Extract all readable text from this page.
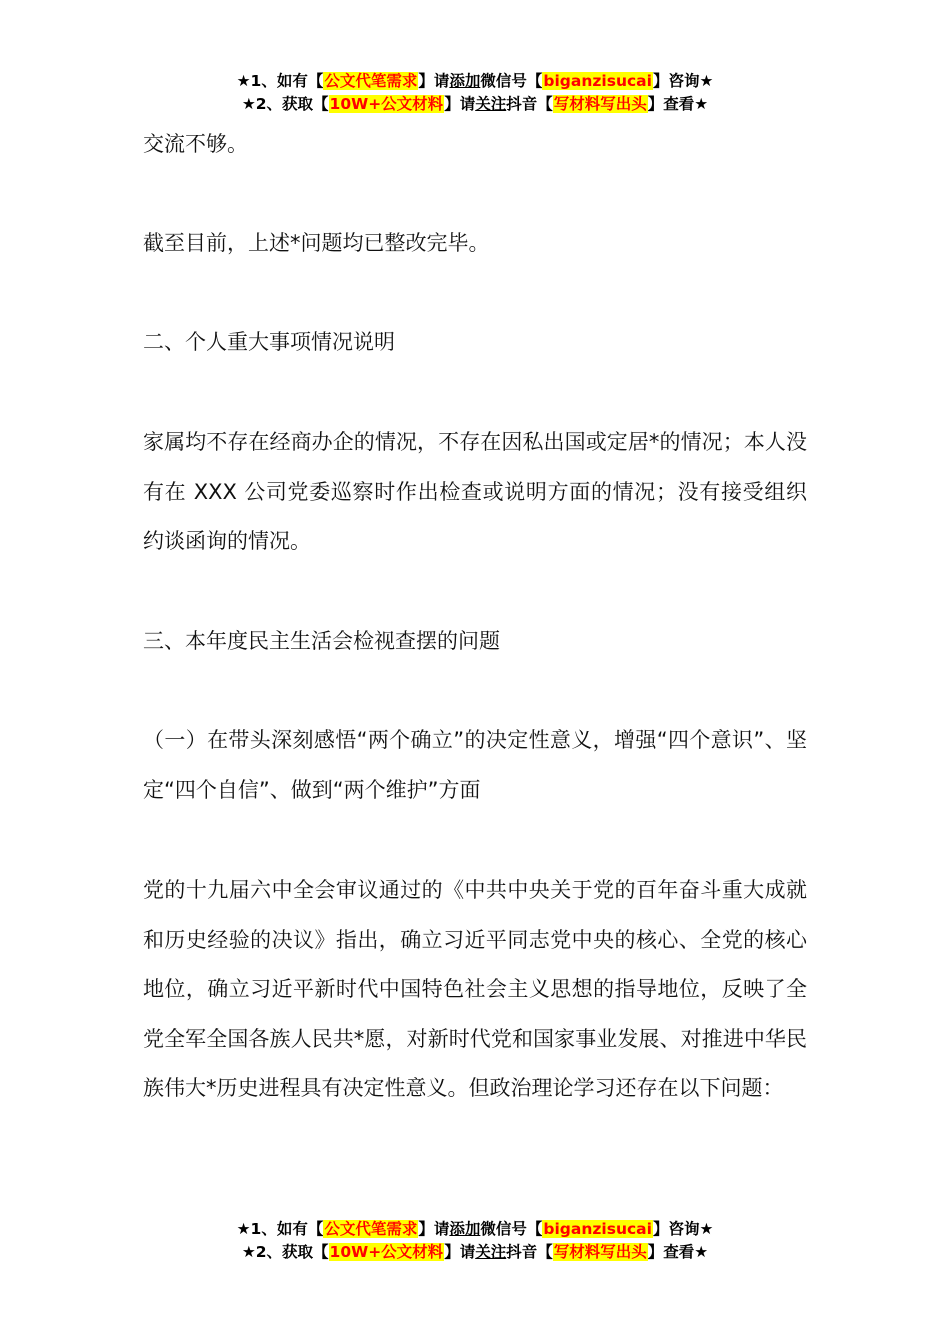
★1、如有【公文代笔需求】请添加微信号【biganzisucai】咨询★
★2、获取【10W+公文材料】请关注抖音【写材料写出头】查看★

交流不够。

截至目前，上述*问题均已整改完毕。

二、个人重大事项情况说明

家属均不存在经商办企的情况，不存在因私出国或定居*的情况；本人没有在 XXX 公司党委巡察时作出检查或说明方面的情况；没有接受组织约谈函询的情况。

三、本年度民主生活会检视查摆的问题

（一）在带头深刻感悟“两个确立”的决定性意义，增强“四个意识”、坚定“四个自信”、做到“两个维护”方面

党的十九届六中全会审议通过的《中共中央关于党的百年奋斗重大成就和历史经验的决议》指出，确立习近平同志党中央的核心、全党的核心地位，确立习近平新时代中国特色社会主义思想的指导地位，反映了全党全军全国各族人民共*愿，对新时代党和国家事业发展、对推进中华民族伟大*历史进程具有决定性意义。但政治理论学习还存在以下问题：

★1、如有【公文代笔需求】请添加微信号【biganzisucai】咨询★
★2、获取【10W+公文材料】请关注抖音【写材料写出头】查看★
